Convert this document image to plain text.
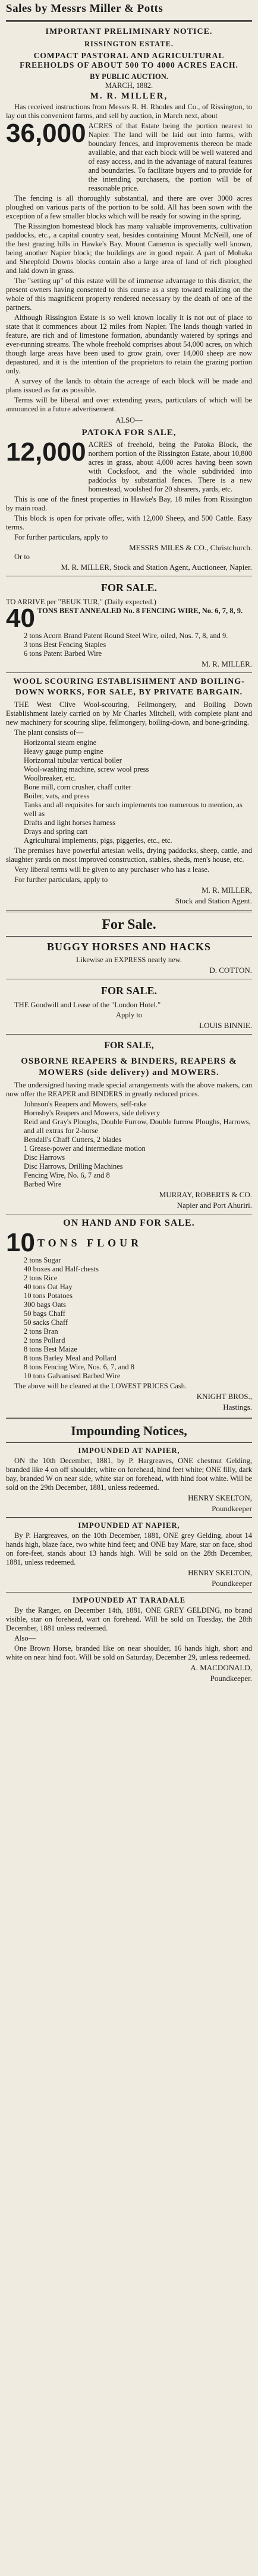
Sales by Messrs Miller & Potts
IMPORTANT PRELIMINARY NOTICE.
RISSINGTON ESTATE.
COMPACT PASTORAL AND AGRICULTURAL FREEHOLDS OF ABOUT 500 TO 4000 ACRES EACH.
BY PUBLIC AUCTION.
MARCH, 1882.
M. R. MILLER,
Has received instructions from Messrs R. H. Rhodes and Co., of Rissington, to lay out this convenient farms, and sell by auction, in March next, about
36,000 ACRES of that Estate being the portion nearest to Napier. The land will be laid out into farms, with boundary fences, and improvements thereon be made available, and that each block will be well watered and of easy access, and in the advantage of natural features and boundaries. To facilitate buyers and to provide for the intending purchasers, the portion will be of reasonable price.
The fencing is all thoroughly substantial, and there are over 3000 acres ploughed on various parts of the portion to be sold. All has been sown with the exception of a few smaller blocks which will be ready for sowing in the spring.
The Rissington homestead block has many valuable improvements, cultivation paddocks, etc., a capital country seat, besides containing Mount McNeill, one of the best grazing hills in Hawke's Bay. Mount Cameron is specially well known, being another Napier block; the buildings are in good repair. A part of Mohaka and Sheepfold Downs blocks contain also a large area of land of rich ploughed and laid down in grass.
The "setting up" of this estate will be of immense advantage to this district, the present owners having consented to this course as a step toward realizing on the whole of this magnificent property rendered necessary by the death of one of the partners.
Although Rissington Estate is so well known locally it is not out of place to state that it commences about 12 miles from Napier. The lands though varied in feature, are rich and of limestone formation, abundantly watered by springs and ever-running streams. The whole freehold comprises about 54,000 acres, on which though large areas have been used to grow grain, over 14,000 sheep are now depastured, and it is the intention of the proprietors to retain the grazing portion only.
A survey of the lands to obtain the acreage of each block will be made and plans issued as far as possible.
Terms will be liberal and over extending years, particulars of which will be announced in a future advertisement.
ALSO—
PATOKA FOR SALE,
12,000 ACRES of freehold, being the Patoka Block, the northern portion of the Rissington Estate, about 10,800 acres in grass, about 4,000 acres having been sown with Cocksfoot, and the whole subdivided into paddocks by substantial fences. There is a new homestead, woolshed for 20 shearers, yards, etc.
This is one of the finest properties in Hawke's Bay, 18 miles from Rissington by main road.
This block is open for private offer, with 12,000 Sheep, and 500 Cattle. Easy terms.
For further particulars, apply to
MESSRS MILES & CO., Christchurch.
Or to
M. R. MILLER, Stock and Station Agent, Auctioneer, Napier.
FOR SALE.
TO ARRIVE per "BEUK TUR," (Daily expected.)
40 TONS BEST ANNEALED No. 8 FENCING WIRE, No. 6, 7, 8, 9.
2 tons Acorn Brand Patent Round Steel Wire, oiled, Nos. 7, 8, and 9.
3 tons Best Fencing Staples
6 tons Patent Barbed Wire
M. R. MILLER.
WOOL SCOURING ESTABLISHMENT AND BOILING-DOWN WORKS, FOR SALE, BY PRIVATE BARGAIN.
THE West Clive Wool-scouring, Fellmongery, and Boiling Down Establishment lately carried on by Mr Charles Mitchell, with complete plant and new machinery for scouring slipe, fellmongery, boiling-down, and bone-grinding.
The plant consists of—
Horizontal steam engine
Heavy gauge pump engine
Horizontal tubular vertical boiler
Wool-washing machine, screw wool press
Woolbreaker, etc.
Bone mill, corn crusher, chaff cutter
Boiler, vats, and press
Tanks and all requisites for such implements too numerous to mention, as well as
Drafts and light horses harness
Drays and spring cart
Agricultural implements, pigs, piggeries, etc., etc.
The premises have powerful artesian wells, drying paddocks, sheep, cattle, and slaughter yards on most improved construction, stables, sheds, men's house, etc.
Very liberal terms will be given to any purchaser who has a lease.
For further particulars, apply to
M. R. MILLER,
Stock and Station Agent.
For Sale.
BUGGY HORSES AND HACKS
Likewise an EXPRESS nearly new.
D. COTTON.
FOR SALE.
THE Goodwill and Lease of the "London Hotel."
Apply to
LOUIS BINNIE.
FOR SALE,
OSBORNE REAPERS & BINDERS, REAPERS & MOWERS (side delivery) and MOWERS.
The undersigned having made special arrangements with the above makers, can now offer the REAPER and BINDERS in greatly reduced prices.
Johnson's Reapers and Mowers, self-rake
Hornsby's Reapers and Mowers, side delivery
Reid and Gray's Ploughs, Double Furrow, Double furrow Ploughs, Harrows, and all extras for 2-horse
Bendall's Chaff Cutters, 2 blades
1 Grease-power and intermediate motion
Disc Harrows
Disc Harrows, Drilling Machines
Fencing Wire, No. 6, 7 and 8
Barbed Wire
MURRAY, ROBERTS & CO.
Napier and Port Ahuriri.
ON HAND AND FOR SALE.
10 TONS FLOUR
2 tons Sugar
40 boxes and Half-chests
2 tons Rice
40 tons Oat Hay
10 tons Potatoes
300 bags Oats
50 bags Chaff
50 sacks Chaff
2 tons Bran
2 tons Pollard
8 tons Best Maize
8 tons Barley Meal and Pollard
8 tons Fencing Wire, Nos. 6, 7, and 8
10 tons Galvanised Barbed Wire
The above will be cleared at the LOWEST PRICES Cash.
KNIGHT BROS.,
Hastings.
Impounding Notices,
IMPOUNDED AT NAPIER,
ON the 10th December, 1881, by P. Hargreaves, ONE chestnut Gelding, branded like 4 on off shoulder, white on forehead, hind feet white; ONE filly, dark bay, branded W on near side, white star on forehead, with hind foot white. Will be sold on the 29th December, 1881, unless redeemed.
HENRY SKELTON,
Poundkeeper
IMPOUNDED AT NAPIER,
By P. Hargreaves, on the 10th December, 1881, ONE grey Gelding, about 14 hands high, blaze face, two white hind feet; and ONE bay Mare, star on face, shod on fore-feet, stands about 13 hands high. Will be sold on the 28th December, 1881, unless redeemed.
HENRY SKELTON,
Poundkeeper
IMPOUNDED AT TARADALE
By the Ranger, on December 14th, 1881, ONE GREY GELDING, no brand visible, star on forehead, wart on forehead. Will be sold on Tuesday, the 28th December, 1881 unless redeemed.
Also—
One Brown Horse, branded like on near shoulder, 16 hands high, short and white on near hind foot. Will be sold on Saturday, December 29, unless redeemed.
A. MACDONALD,
Poundkeeper.
